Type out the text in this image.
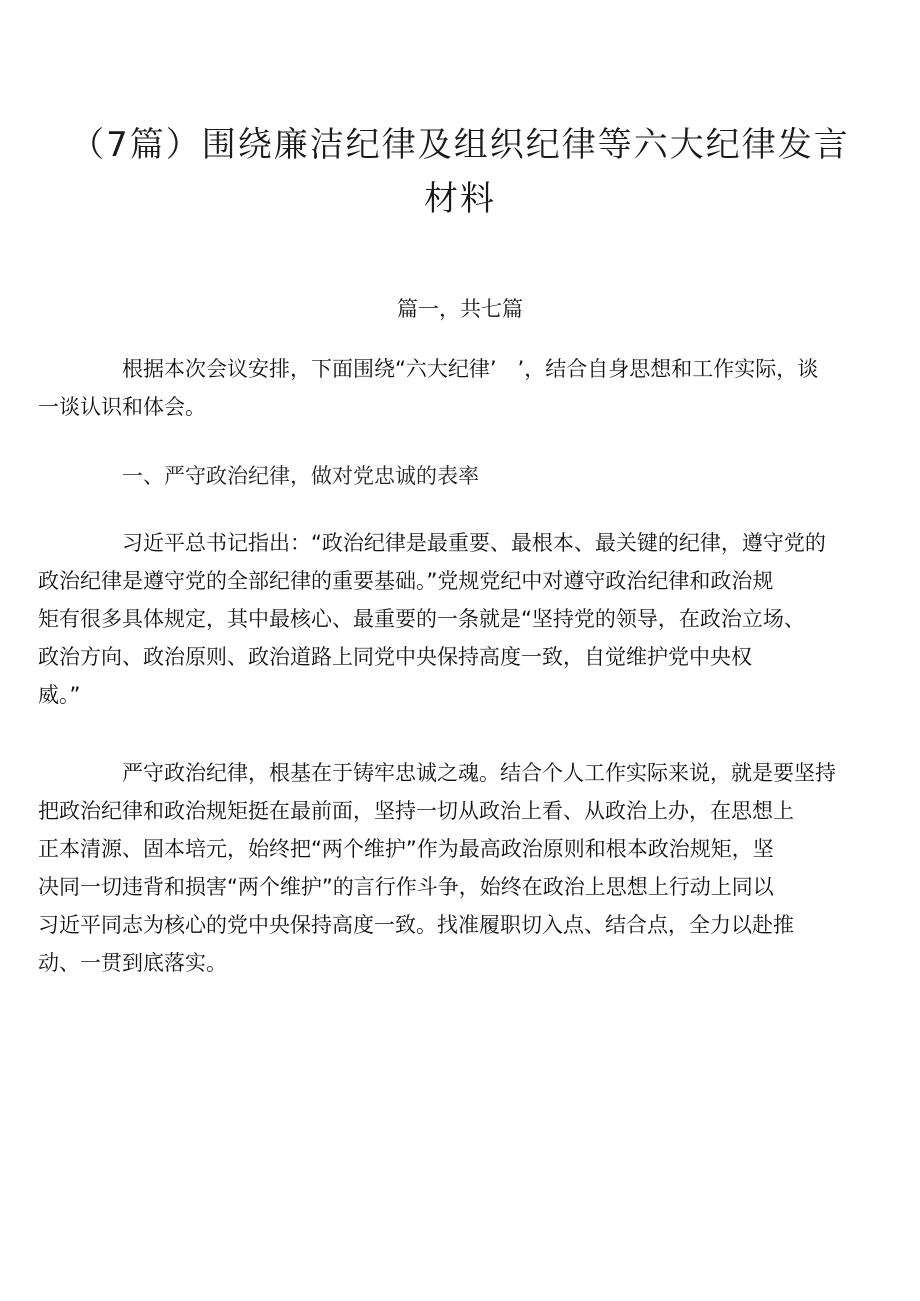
（7篇）围绕廉洁纪律及组织纪律等六大纪律发言
材料
篇一，共七篇
根据本次会议安排，下面围绕“六大纪律’　’，结合自身思想和工作实际，谈
一谈认识和体会。
一、严守政治纪律，做对党忠诚的表率
习近平总书记指出：“政治纪律是最重要、最根本、最关键的纪律，遵守党的
政治纪律是遵守党的全部纪律的重要基础。”党规党纪中对遵守政治纪律和政治规
矩有很多具体规定，其中最核心、最重要的一条就是“坚持党的领导，在政治立场、
政治方向、政治原则、政治道路上同党中央保持高度一致，自觉维护党中央权
威。”
严守政治纪律，根基在于铸牢忠诚之魂。结合个人工作实际来说，就是要坚持
把政治纪律和政治规矩挺在最前面，坚持一切从政治上看、从政治上办，在思想上
正本清源、固本培元，始终把“两个维护”作为最高政治原则和根本政治规矩，坚
决同一切违背和损害“两个维护”的言行作斗争，始终在政治上思想上行动上同以
习近平同志为核心的党中央保持高度一致。找准履职切入点、结合点，全力以赴推
动、一贯到底落实。
